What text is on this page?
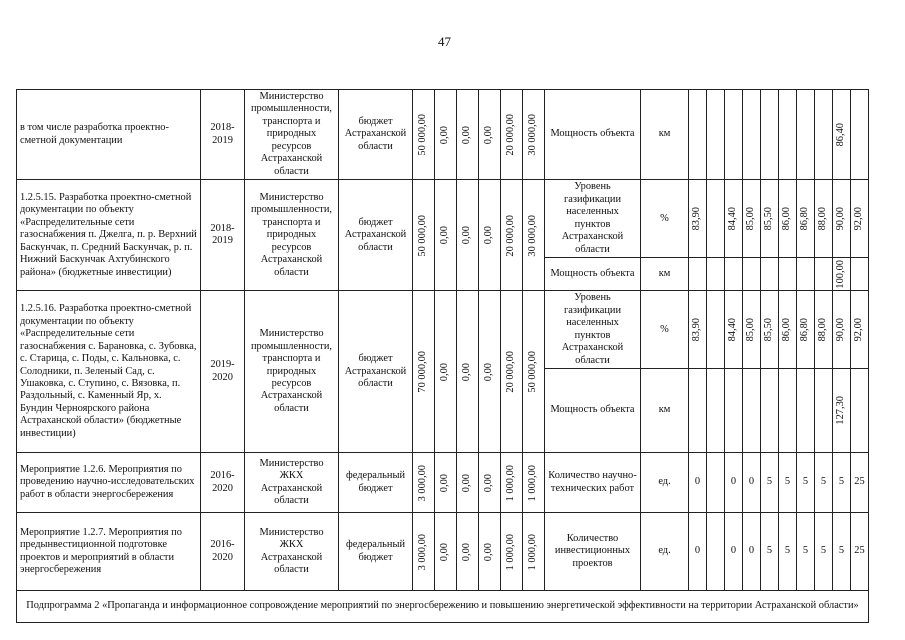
47
в том числе разработка проектно-сметной документации	2018-2019	Министерство промышленности, транспорта и природных ресурсов Астраханской области	бюджет Астраханской области	50 000,00	0,00	0,00	0,00	20 000,00	30 000,00	Мощность объекта	км									86,40	

1.2.5.15. Разработка проектно-сметной документации по объекту «Распределительные сети газоснабжения п. Джелга, п. р. Верхний Баскунчак, п. Средний Баскунчак, р. п. Нижний Баскунчак Ахтубинского района» (бюджетные инвестиции)	2018-2019	Министерство промышленности, транспорта и природных ресурсов Астраханской области	бюджет Астраханской области	50 000,00	0,00	0,00	0,00	20 000,00	30 000,00	Уровень газификации населенных пунктов Астраханской области	%	83,90		84,40	85,00	85,50	86,00	86,80	88,00	90,00	92,00

										Мощность объекта	км									100,00	

1.2.5.16. Разработка проектно-сметной документации по объекту «Распределительные сети газоснабжения с. Барановка, с. Зубовка, с. Старица, с. Поды, с. Кальновка, с. Солодники, п. Зеленый Сад, с. Ушаковка, с. Ступино, с. Вязовка, п. Раздольный, с. Каменный Яр, х. Бундин Черноярского района Астраханской области» (бюджетные инвестиции)	2019-2020	Министерство промышленности, транспорта и природных ресурсов Астраханской области	бюджет Астраханской области	70 000,00	0,00	0,00	0,00	20 000,00	50 000,00	Уровень газификации населенных пунктов Астраханской области	%	83,90		84,40	85,00	85,50	86,00	86,80	88,00	90,00	92,00

										Мощность объекта	км									127,30	

Мероприятие 1.2.6. Мероприятия по проведению научно-исследовательских работ в области энергосбережения	2016-2020	Министерство ЖКХ Астраханской области	федеральный бюджет	3 000,00	0,00	0,00	0,00	1 000,00	1 000,00	Количество научно-технических работ	ед.	0		0	0	5	5	5	5	5	25
Мероприятие 1.2.7. Мероприятия по предынвестиционной подготовке проектов и мероприятий в области энергосбережения	2016-2020	Министерство ЖКХ Астраханской области	федеральный бюджет	3 000,00	0,00	0,00	0,00	1 000,00	1 000,00	Количество инвестиционных проектов	ед.	0		0	0	5	5	5	5	5	25
Подпрограмма 2 «Пропаганда и информационное сопровождение мероприятий по энергосбережению и повышению энергетической эффективности на территории Астраханской области»																					
